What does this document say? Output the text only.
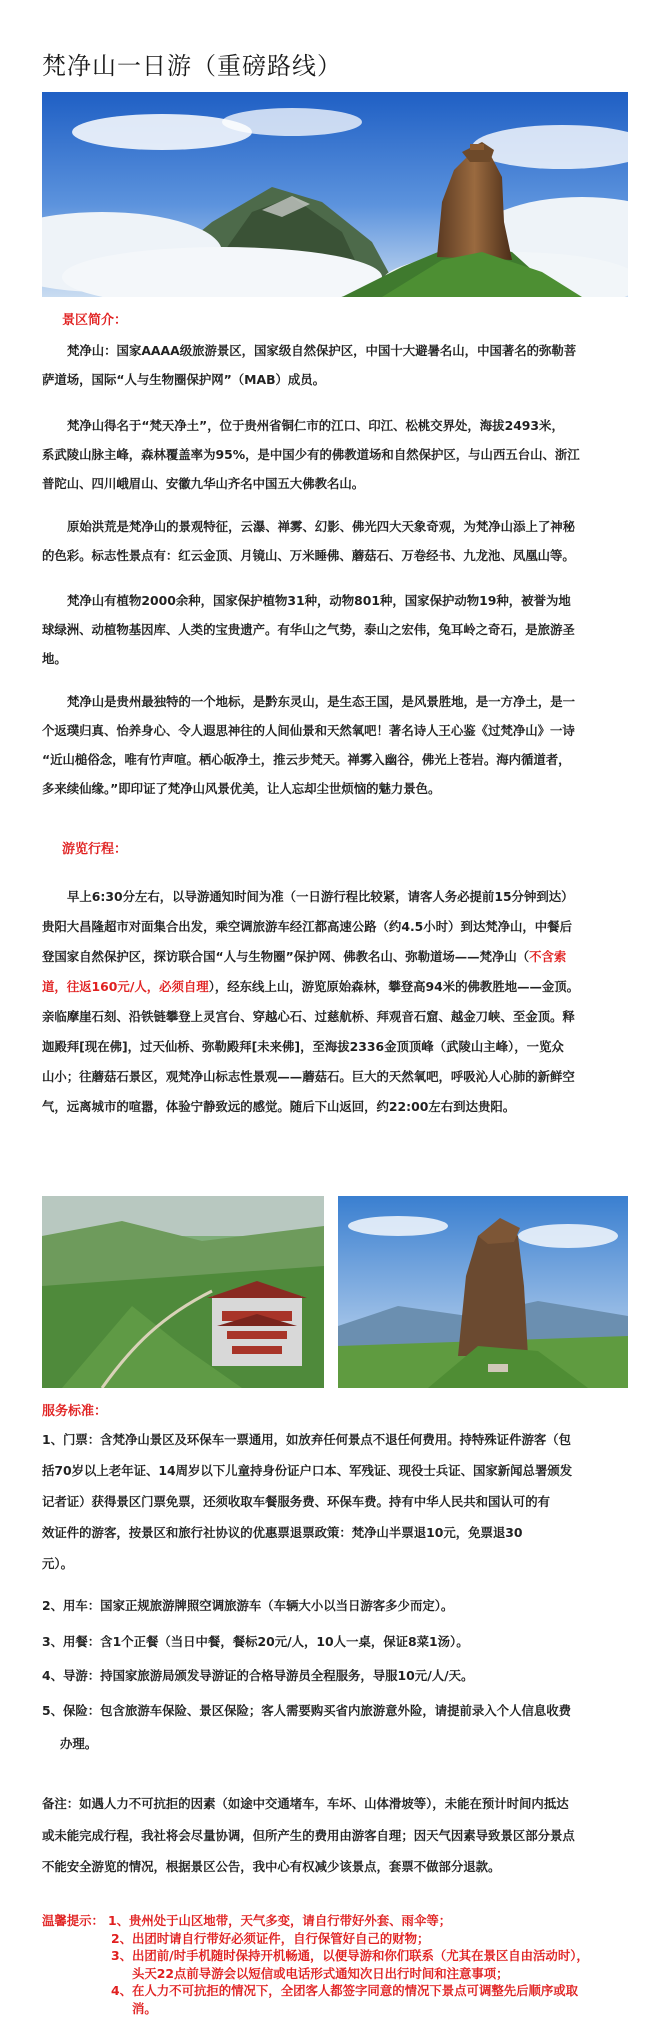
梵净山一日游（重磅路线）
景区简介：
梵净山：国家AAAA级旅游景区，国家级自然保护区，中国十大避暑名山，中国著名的弥勒菩
萨道场，国际“人与生物圈保护网”（MAB）成员。
梵净山得名于“梵天净土”，位于贵州省铜仁市的江口、印江、松桃交界处，海拔2493米，
系武陵山脉主峰，森林覆盖率为95%，是中国少有的佛教道场和自然保护区，与山西五台山、浙江
普陀山、四川峨眉山、安徽九华山齐名中国五大佛教名山。
原始洪荒是梵净山的景观特征，云瀑、禅雾、幻影、佛光四大天象奇观，为梵净山添上了神秘
的色彩。标志性景点有：红云金顶、月镜山、万米睡佛、蘑菇石、万卷经书、九龙池、凤凰山等。
梵净山有植物2000余种，国家保护植物31种，动物801种，国家保护动物19种，被誉为地
球绿洲、动植物基因库、人类的宝贵遗产。有华山之气势，泰山之宏伟，兔耳岭之奇石，是旅游圣
地。
梵净山是贵州最独特的一个地标，是黔东灵山，是生态王国，是风景胜地，是一方净土，是一
个返璞归真、怡养身心、令人遐思神往的人间仙景和天然氧吧！著名诗人王心鉴《过梵净山》一诗
“近山槌俗念，唯有竹声喧。栖心皈净土，推云步梵天。禅雾入幽谷，佛光上苍岩。海内循道者，
多来续仙缘。”即印证了梵净山风景优美，让人忘却尘世烦恼的魅力景色。
游览行程：
早上6:30分左右，以导游通知时间为准（一日游行程比较紧，请客人务必提前15分钟到达）
贵阳大昌隆超市对面集合出发，乘空调旅游车经江都高速公路（约4.5小时）到达梵净山，中餐后
登国家自然保护区，探访联合国“人与生物圈”保护网、佛教名山、弥勒道场——梵净山（不含索
道，往返160元/人，必须自理），经东线上山，游览原始森林，攀登高94米的佛教胜地——金顶。
亲临摩崖石刻、沿铁链攀登上灵宫台、穿越心石、过慈航桥、拜观音石窟、越金刀峡、至金顶。释
迦殿拜[现在佛]，过天仙桥、弥勒殿拜[未来佛]，至海拔2336金顶顶峰（武陵山主峰），一览众
山小；往蘑菇石景区，观梵净山标志性景观——蘑菇石。巨大的天然氧吧，呼吸沁人心肺的新鲜空
气，远离城市的喧嚣，体验宁静致远的感觉。随后下山返回，约22:00左右到达贵阳。
服务标准：
1、门票：含梵净山景区及环保车一票通用，如放弃任何景点不退任何费用。持特殊证件游客（包
括70岁以上老年证、14周岁以下儿童持身份证户口本、军残证、现役士兵证、国家新闻总署颁发
记者证）获得景区门票免票，还须收取车餐服务费、环保车费。持有中华人民共和国认可的有
效证件的游客，按景区和旅行社协议的优惠票退票政策：梵净山半票退10元，免票退30
元）。
2、用车：国家正规旅游牌照空调旅游车（车辆大小以当日游客多少而定）。
3、用餐：含1个正餐（当日中餐，餐标20元/人，10人一桌，保证8菜1汤）。
4、导游：持国家旅游局颁发导游证的合格导游员全程服务，导服10元/人/天。
5、保险：包含旅游车保险、景区保险；客人需要购买省内旅游意外险，请提前录入个人信息收费
办理。
备注：如遇人力不可抗拒的因素（如途中交通堵车，车坏、山体滑坡等），未能在预计时间内抵达
或未能完成行程，我社将会尽量协调，但所产生的费用由游客自理；因天气因素导致景区部分景点
不能安全游览的情况，根据景区公告，我中心有权减少该景点，套票不做部分退款。
温馨提示： 1、贵州处于山区地带，天气多变，请自行带好外套、雨伞等；
2、出团时请自行带好必须证件，自行保管好自己的财物；
3、出团前/时手机随时保持开机畅通，以便导游和你们联系（尤其在景区自由活动时），
头天22点前导游会以短信或电话形式通知次日出行时间和注意事项；
4、在人力不可抗拒的情况下，全团客人都签字同意的情况下景点可调整先后顺序或取
消。
